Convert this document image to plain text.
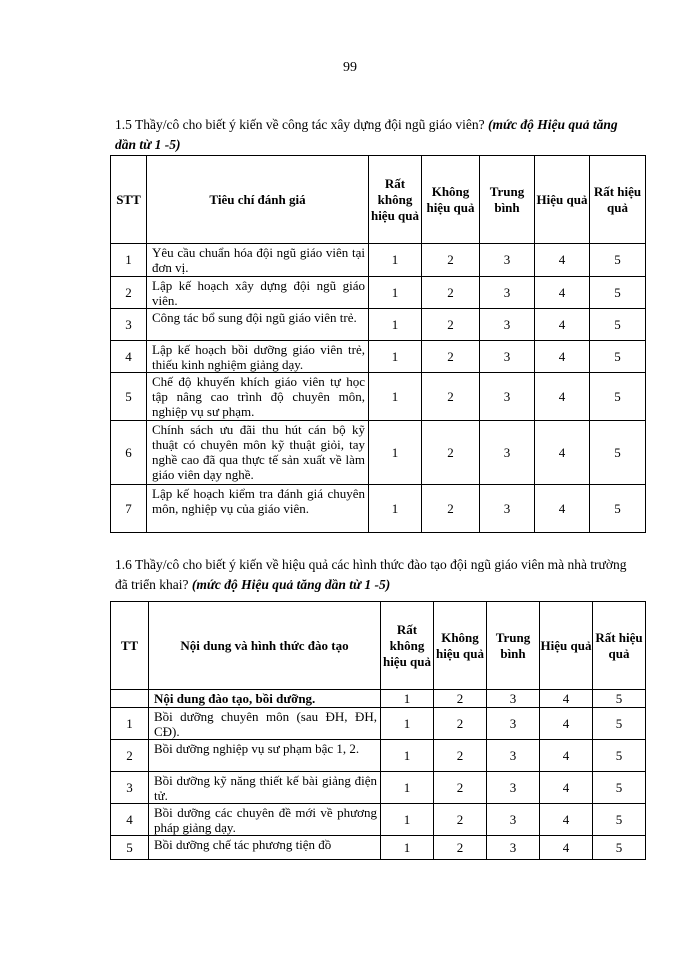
99
1.5 Thầy/cô cho biết ý kiến về công tác xây dựng đội ngũ giáo viên? (mức độ Hiệu quả tăng dần từ 1 -5)
STT	Tiêu chí đánh giá	Rất không hiệu quả	Không hiệu quả	Trung bình	Hiệu quả	Rất hiệu quả
1	Yêu cầu chuẩn hóa đội ngũ giáo viên tại đơn vị.	1	2	3	4	5
2	Lập kế hoạch xây dựng đội ngũ giáo viên.	1	2	3	4	5
3	Công tác bổ sung đội ngũ giáo viên trẻ.	1	2	3	4	5
4	Lập kế hoạch bồi dưỡng giáo viên trẻ, thiếu kinh nghiệm giảng dạy.	1	2	3	4	5
5	Chế độ khuyến khích giáo viên tự học tập nâng cao trình độ chuyên môn, nghiệp vụ sư phạm.	1	2	3	4	5
6	Chính sách ưu đãi thu hút cán bộ kỹ thuật có chuyên môn kỹ thuật giỏi, tay nghề cao đã qua thực tế sản xuất về làm giáo viên dạy nghề.	1	2	3	4	5
7	Lập kế hoạch kiểm tra đánh giá chuyên môn, nghiệp vụ của giáo viên.	1	2	3	4	5
1.6 Thầy/cô cho biết ý kiến về hiệu quả các hình thức đào tạo đội ngũ giáo viên mà nhà trường đã triển khai? (mức độ Hiệu quả tăng dần từ 1 -5)
TT	Nội dung và hình thức đào tạo	Rất không hiệu quả	Không hiệu quả	Trung bình	Hiệu quả	Rất hiệu quả
	Nội dung đào tạo, bồi dưỡng.	1	2	3	4	5
1	Bồi dưỡng chuyên môn (sau ĐH, ĐH, CĐ).	1	2	3	4	5
2	Bồi dưỡng nghiệp vụ sư phạm bậc 1, 2.	1	2	3	4	5
3	Bồi dưỡng kỹ năng thiết kế bài giảng điện tử.	1	2	3	4	5
4	Bồi dưỡng các chuyên đề mới về phương pháp giảng dạy.	1	2	3	4	5
5	Bồi dưỡng chế tác phương tiện đồ	1	2	3	4	5
